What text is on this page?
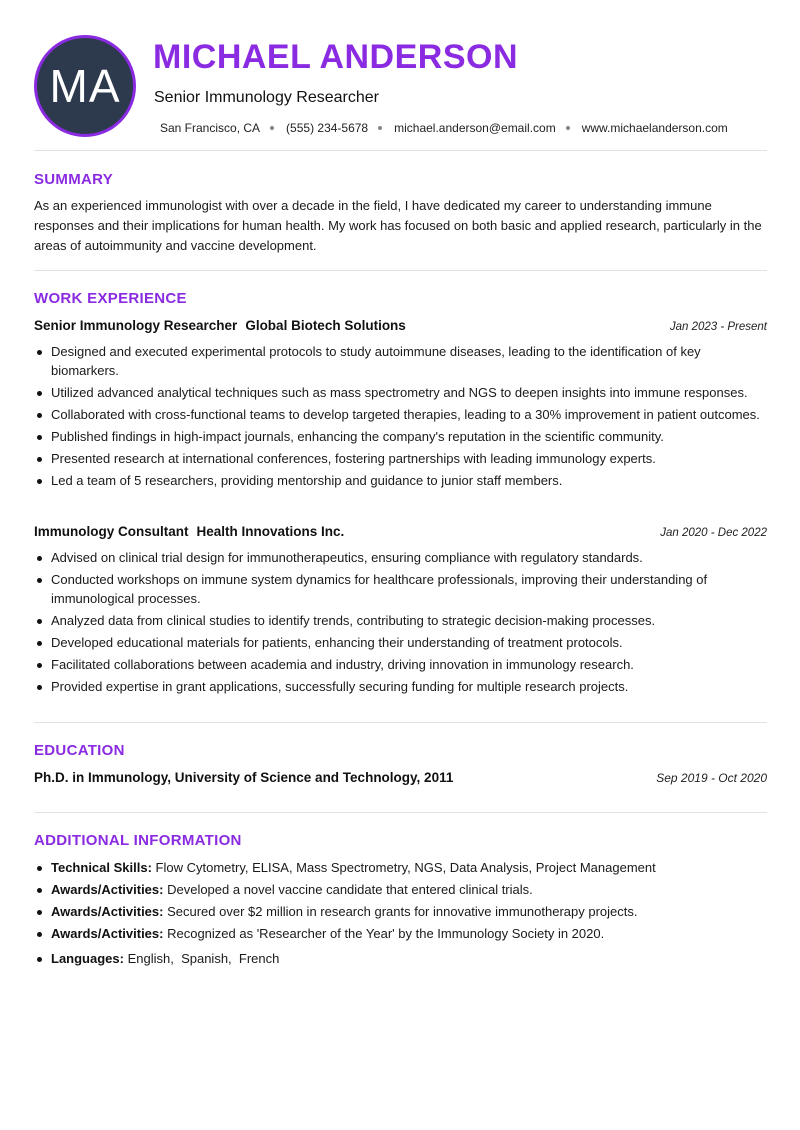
MA
MICHAEL ANDERSON
Senior Immunology Researcher
San Francisco, CA (555) 234-5678 michael.anderson@email.com www.michaelanderson.com
SUMMARY

As an experienced immunologist with over a decade in the field, I have dedicated my career to understanding immune responses and their implications for human health. My work has focused on both basic and applied research, particularly in the areas of autoimmunity and vaccine development.

WORK EXPERIENCE
Senior Immunology Researcher Global Biotech Solutions	Jan 2023 - Present
Designed and executed experimental protocols to study autoimmune diseases, leading to the identification of key biomarkers.
Utilized advanced analytical techniques such as mass spectrometry and NGS to deepen insights into immune responses.
Collaborated with cross-functional teams to develop targeted therapies, leading to a 30% improvement in patient outcomes.
Published findings in high-impact journals, enhancing the company's reputation in the scientific community.
Presented research at international conferences, fostering partnerships with leading immunology experts.
Led a team of 5 researchers, providing mentorship and guidance to junior staff members.
Immunology Consultant Health Innovations Inc.	Jan 2020 - Dec 2022
Advised on clinical trial design for immunotherapeutics, ensuring compliance with regulatory standards.
Conducted workshops on immune system dynamics for healthcare professionals, improving their understanding of immunological processes.
Analyzed data from clinical studies to identify trends, contributing to strategic decision-making processes.
Developed educational materials for patients, enhancing their understanding of treatment protocols.
Facilitated collaborations between academia and industry, driving innovation in immunology research.
Provided expertise in grant applications, successfully securing funding for multiple research projects.
EDUCATION
Ph.D. in Immunology, University of Science and Technology, 2011	Sep 2019 - Oct 2020
ADDITIONAL INFORMATION
Technical Skills: Flow Cytometry, ELISA, Mass Spectrometry, NGS, Data Analysis, Project Management
Awards/Activities: Developed a novel vaccine candidate that entered clinical trials.
Awards/Activities: Secured over $2 million in research grants for innovative immunotherapy projects.
Awards/Activities: Recognized as 'Researcher of the Year' by the Immunology Society in 2020.
Languages: English,  Spanish,  French
